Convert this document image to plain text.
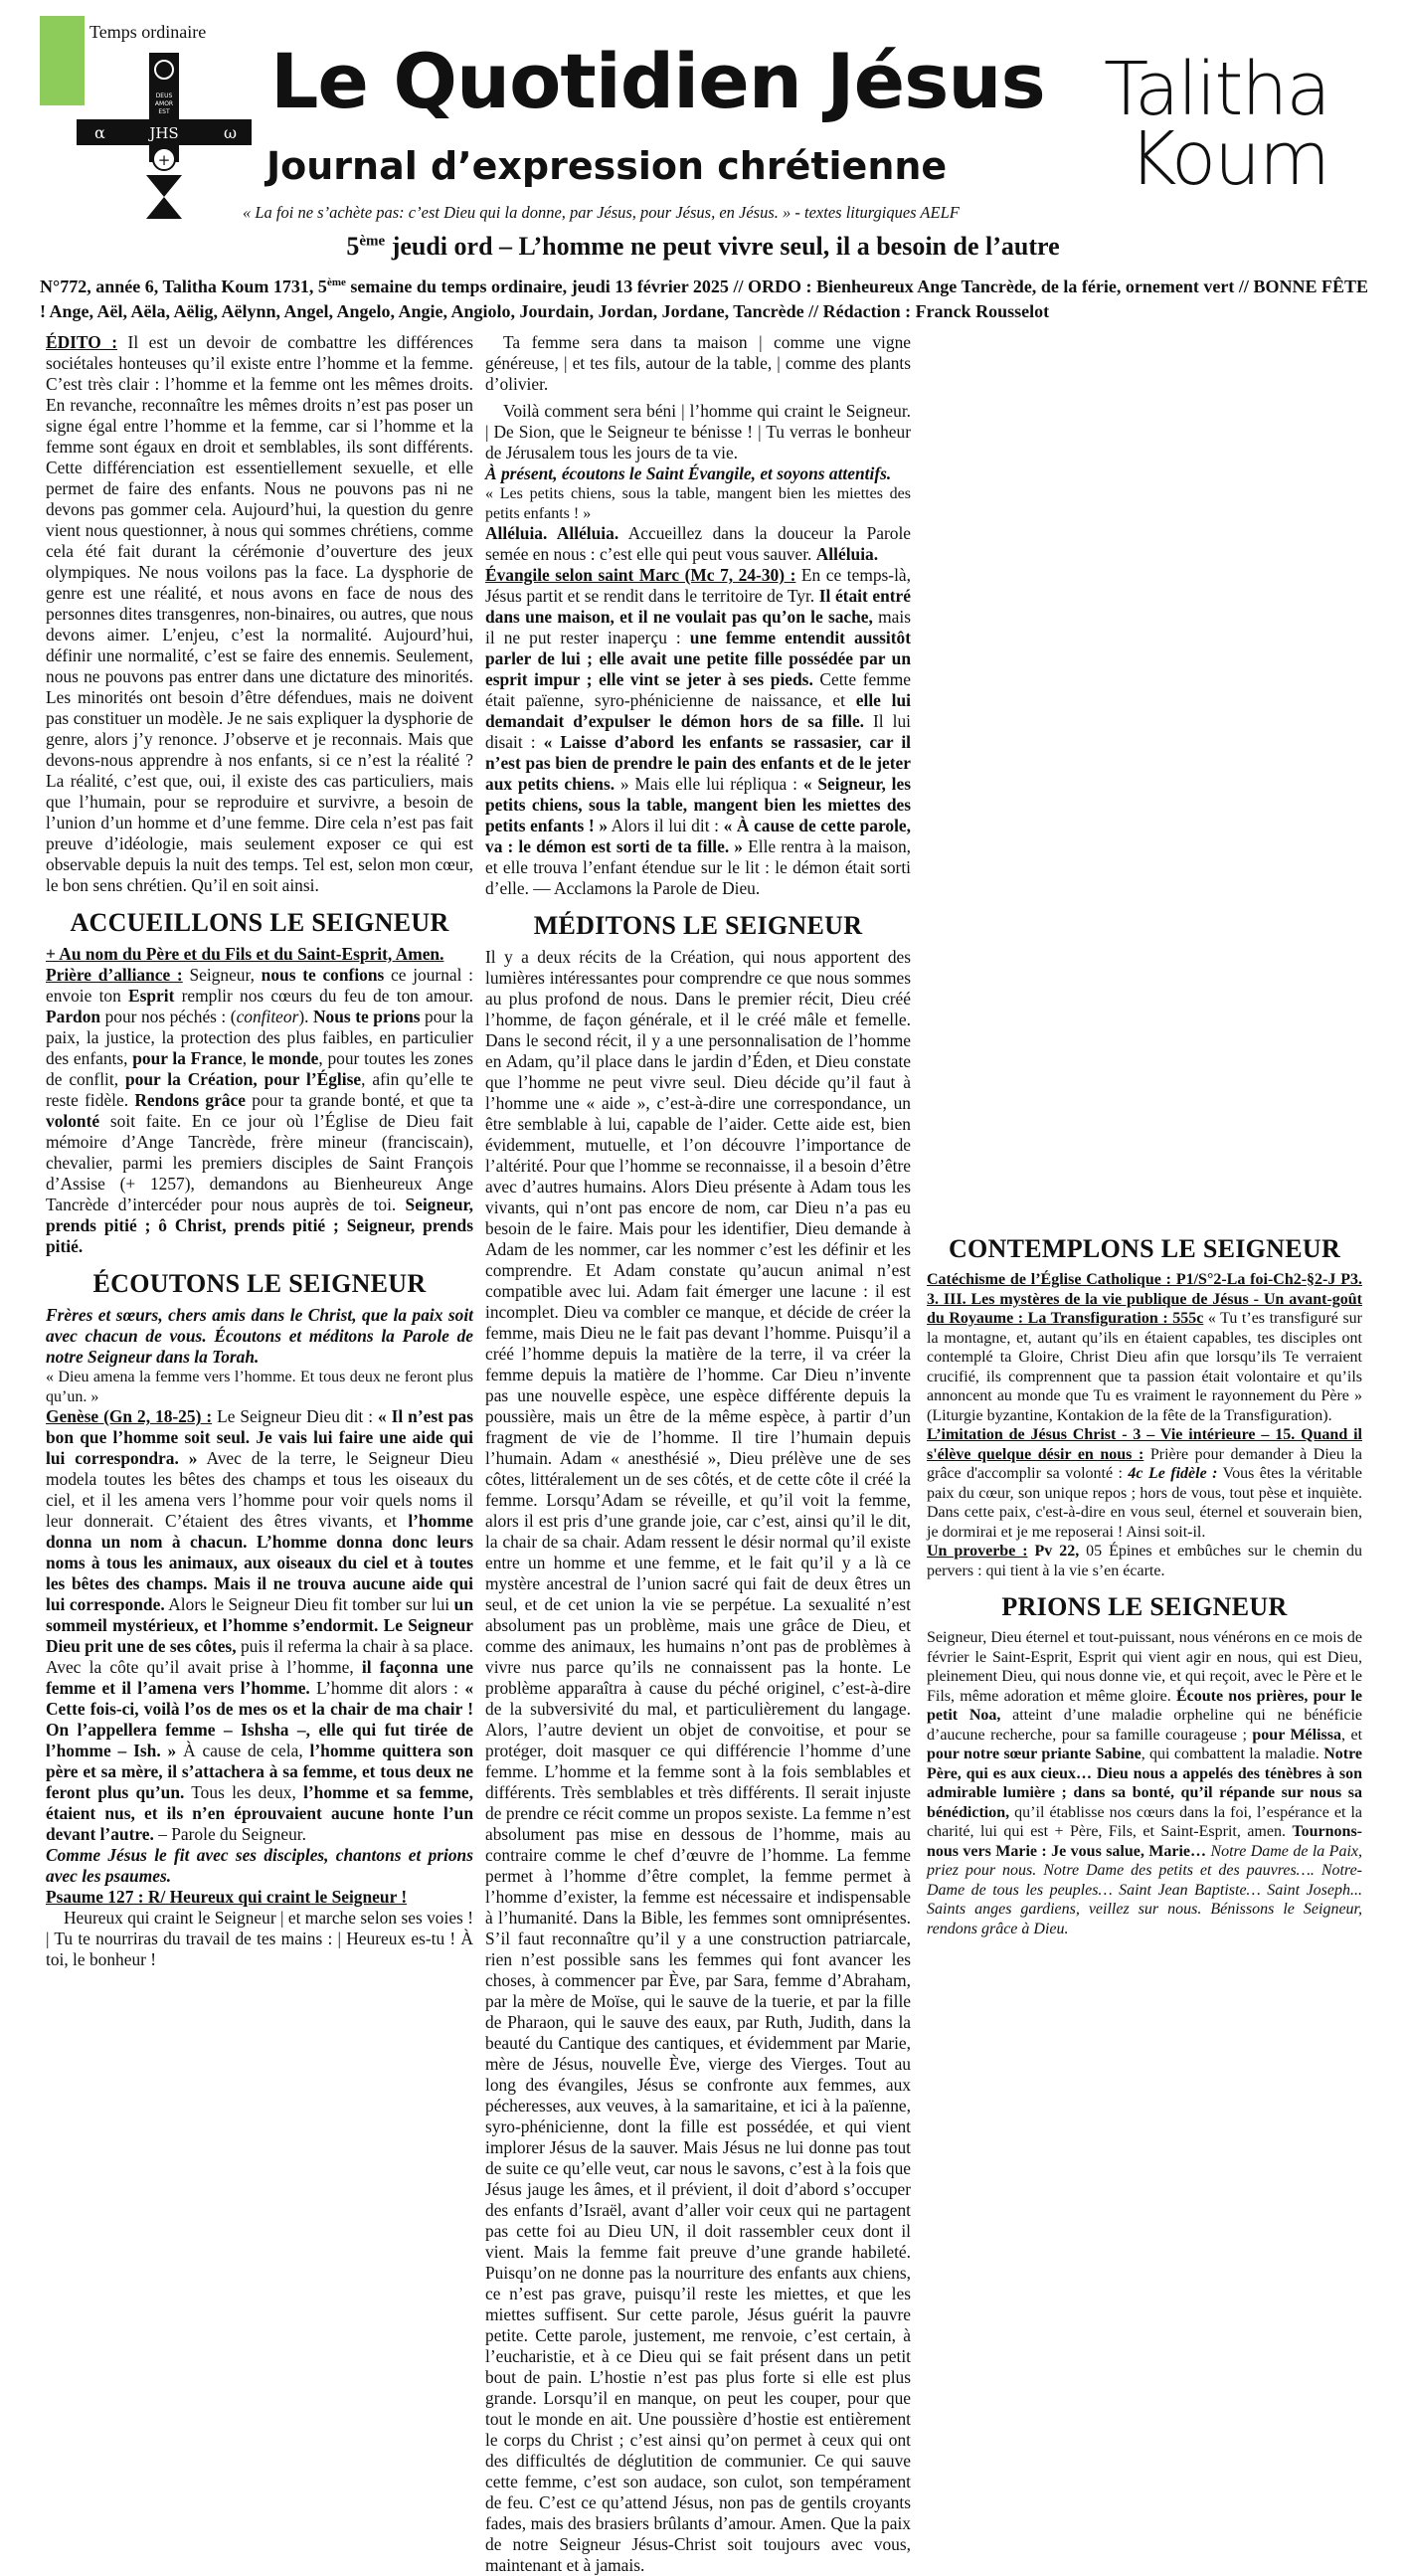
Temps ordinaire
DEUS
AMOR
EST
α	JHS	ω
+
Le Quotidien Jésus
Journal d’expression chrétienne
« La foi ne s’achète pas: c’est Dieu qui la donne, par Jésus, pour Jésus, en Jésus. » - textes liturgiques AELF
Talitha
Koum
5ème jeudi ord – L’homme ne peut vivre seul, il a besoin de l’autre
N°772, année 6, Talitha Koum 1731, 5ème semaine du temps ordinaire, jeudi 13 février 2025 // ORDO : Bienheureux Ange Tancrède, de la férie, ornement vert // BONNE FÊTE ! Ange, Aël, Aëla, Aëlig, Aëlynn, Angel, Angelo, Angie, Angiolo, Jourdain, Jordan, Jordane, Tancrède // Rédaction : Franck Rousselot

ÉDITO : Il est un devoir de combattre les différences sociétales honteuses qu’il existe entre l’homme et la femme. C’est très clair : l’homme et la femme ont les mêmes droits. En revanche, reconnaître les mêmes droits n’est pas poser un signe égal entre l’homme et la femme, car si l’homme et la femme sont égaux en droit et semblables, ils sont différents. Cette différenciation est essentiellement sexuelle, et elle permet de faire des enfants. Nous ne pouvons pas ni ne devons pas gommer cela. Aujourd’hui, la question du genre vient nous questionner, à nous qui sommes chrétiens, comme cela été fait durant la cérémonie d’ouverture des jeux olympiques. Ne nous voilons pas la face. La dysphorie de genre est une réalité, et nous avons en face de nous des personnes dites transgenres, non-binaires, ou autres, que nous devons aimer. L’enjeu, c’est la normalité. Aujourd’hui, définir une normalité, c’est se faire des ennemis. Seulement, nous ne pouvons pas entrer dans une dictature des minorités. Les minorités ont besoin d’être défendues, mais ne doivent pas constituer un modèle. Je ne sais expliquer la dysphorie de genre, alors j’y renonce. J’observe et je reconnais. Mais que devons-nous apprendre à nos enfants, si ce n’est la réalité ? La réalité, c’est que, oui, il existe des cas particuliers, mais que l’humain, pour se reproduire et survivre, a besoin de l’union d’un homme et d’une femme. Dire cela n’est pas fait preuve d’idéologie, mais seulement exposer ce qui est observable depuis la nuit des temps. Tel est, selon mon cœur, le bon sens chrétien. Qu’il en soit ainsi.

ACCUEILLONS LE SEIGNEUR

+ Au nom du Père et du Fils et du Saint-Esprit, Amen.

Prière d’alliance : Seigneur, nous te confions ce journal : envoie ton Esprit remplir nos cœurs du feu de ton amour. Pardon pour nos péchés : (confiteor). Nous te prions pour la paix, la justice, la protection des plus faibles, en particulier des enfants, pour la France, le monde, pour toutes les zones de conflit, pour la Création, pour l’Église, afin qu’elle te reste fidèle. Rendons grâce pour ta grande bonté, et que ta volonté soit faite. En ce jour où l’Église de Dieu fait mémoire d’Ange Tancrède, frère mineur (franciscain), chevalier, parmi les premiers disciples de Saint François d’Assise (+ 1257), demandons au Bienheureux Ange Tancrède d’intercéder pour nous auprès de toi. Seigneur, prends pitié ; ô Christ, prends pitié ; Seigneur, prends pitié.

ÉCOUTONS LE SEIGNEUR

Frères et sœurs, chers amis dans le Christ, que la paix soit avec chacun de vous. Écoutons et méditons la Parole de notre Seigneur dans la Torah.

« Dieu amena la femme vers l’homme. Et tous deux ne feront plus qu’un. »

Genèse (Gn 2, 18-25) : Le Seigneur Dieu dit : « Il n’est pas bon que l’homme soit seul. Je vais lui faire une aide qui lui correspondra. » Avec de la terre, le Seigneur Dieu modela toutes les bêtes des champs et tous les oiseaux du ciel, et il les amena vers l’homme pour voir quels noms il leur donnerait. C’étaient des êtres vivants, et l’homme donna un nom à chacun. L’homme donna donc leurs noms à tous les animaux, aux oiseaux du ciel et à toutes les bêtes des champs. Mais il ne trouva aucune aide qui lui corresponde. Alors le Seigneur Dieu fit tomber sur lui un sommeil mystérieux, et l’homme s’endormit. Le Seigneur Dieu prit une de ses côtes, puis il referma la chair à sa place. Avec la côte qu’il avait prise à l’homme, il façonna une femme et il l’amena vers l’homme. L’homme dit alors : « Cette fois-ci, voilà l’os de mes os et la chair de ma chair ! On l’appellera femme – Ishsha –, elle qui fut tirée de l’homme – Ish. » À cause de cela, l’homme quittera son père et sa mère, il s’attachera à sa femme, et tous deux ne feront plus qu’un. Tous les deux, l’homme et sa femme, étaient nus, et ils n’en éprouvaient aucune honte l’un devant l’autre. – Parole du Seigneur.

Comme Jésus le fit avec ses disciples, chantons et prions avec les psaumes.

Psaume 127 : R/ Heureux qui craint le Seigneur !

Heureux qui craint le Seigneur | et marche selon ses voies ! | Tu te nourriras du travail de tes mains : | Heureux es-tu ! À toi, le bonheur !

Ta femme sera dans ta maison | comme une vigne généreuse, | et tes fils, autour de la table, | comme des plants d’olivier.

Voilà comment sera béni | l’homme qui craint le Seigneur. | De Sion, que le Seigneur te bénisse ! | Tu verras le bonheur de Jérusalem tous les jours de ta vie.

À présent, écoutons le Saint Évangile, et soyons attentifs.

« Les petits chiens, sous la table, mangent bien les miettes des petits enfants ! »

Alléluia. Alléluia. Accueillez dans la douceur la Parole semée en nous : c’est elle qui peut vous sauver. Alléluia.

Évangile selon saint Marc (Mc 7, 24-30) : En ce temps-là, Jésus partit et se rendit dans le territoire de Tyr. Il était entré dans une maison, et il ne voulait pas qu’on le sache, mais il ne put rester inaperçu : une femme entendit aussitôt parler de lui ; elle avait une petite fille possédée par un esprit impur ; elle vint se jeter à ses pieds. Cette femme était païenne, syro-phénicienne de naissance, et elle lui demandait d’expulser le démon hors de sa fille. Il lui disait : « Laisse d’abord les enfants se rassasier, car il n’est pas bien de prendre le pain des enfants et de le jeter aux petits chiens. » Mais elle lui répliqua : « Seigneur, les petits chiens, sous la table, mangent bien les miettes des petits enfants ! » Alors il lui dit : « À cause de cette parole, va : le démon est sorti de ta fille. » Elle rentra à la maison, et elle trouva l’enfant étendue sur le lit : le démon était sorti d’elle. — Acclamons la Parole de Dieu.

MÉDITONS LE SEIGNEUR

Il y a deux récits de la Création, qui nous apportent des lumières intéressantes pour comprendre ce que nous sommes au plus profond de nous. Dans le premier récit, Dieu créé l’homme, de façon générale, et il le créé mâle et femelle. Dans le second récit, il y a une personnalisation de l’homme en Adam, qu’il place dans le jardin d’Éden, et Dieu constate que l’homme ne peut vivre seul. Dieu décide qu’il faut à l’homme une « aide », c’est-à-dire une correspondance, un être semblable à lui, capable de l’aider. Cette aide est, bien évidemment, mutuelle, et l’on découvre l’importance de l’altérité. Pour que l’homme se reconnaisse, il a besoin d’être avec d’autres humains. Alors Dieu présente à Adam tous les vivants, qui n’ont pas encore de nom, car Dieu n’a pas eu besoin de le faire. Mais pour les identifier, Dieu demande à Adam de les nommer, car les nommer c’est les définir et les comprendre. Et Adam constate qu’aucun animal n’est compatible avec lui. Adam fait émerger une lacune : il est incomplet. Dieu va combler ce manque, et décide de créer la femme, mais Dieu ne le fait pas devant l’homme. Puisqu’il a créé l’homme depuis la matière de la terre, il va créer la femme depuis la matière de l’homme. Car Dieu n’invente pas une nouvelle espèce, une espèce différente depuis la poussière, mais un être de la même espèce, à partir d’un fragment de vie de l’homme. Il tire l’humain depuis l’humain. Adam « anesthésié », Dieu prélève une de ses côtes, littéralement un de ses côtés, et de cette côte il créé la femme. Lorsqu’Adam se réveille, et qu’il voit la femme, alors il est pris d’une grande joie, car c’est, ainsi qu’il le dit, la chair de sa chair. Adam ressent le désir normal qu’il existe entre un homme et une femme, et le fait qu’il y a là ce mystère ancestral de l’union sacré qui fait de deux êtres un seul, et de cet union la vie se perpétue. La sexualité n’est absolument pas un problème, mais une grâce de Dieu, et comme des animaux, les humains n’ont pas de problèmes à vivre nus parce qu’ils ne connaissent pas la honte. Le problème apparaîtra à cause du péché originel, c’est-à-dire de la subversivité du mal, et particulièrement du langage. Alors, l’autre devient un objet de convoitise, et pour se protéger, doit masquer ce qui différencie l’homme d’une femme. L’homme et la femme sont à la fois semblables et différents. Très semblables et très différents. Il serait injuste de prendre ce récit comme un propos sexiste. La femme n’est absolument pas mise en dessous de l’homme, mais au contraire comme le chef d’œuvre de l’homme. La femme permet à l’homme d’être complet, la femme permet à l’homme d’exister, la femme est nécessaire et indispensable à l’humanité. Dans la Bible, les femmes sont omniprésentes. S’il faut reconnaître qu’il y a une construction patriarcale, rien n’est possible sans les femmes qui font avancer les choses, à commencer par Ève, par Sara, femme d’Abraham, par la mère de Moïse, qui le sauve de la tuerie, et par la fille de Pharaon, qui le sauve des eaux, par Ruth, Judith, dans la beauté du Cantique des cantiques, et évidemment par Marie, mère de Jésus, nouvelle Ève, vierge des Vierges. Tout au long des évangiles, Jésus se confronte aux femmes, aux pécheresses, aux veuves, à la samaritaine, et ici à la païenne, syro-phénicienne, dont la fille est possédée, et qui vient implorer Jésus de la sauver. Mais Jésus ne lui donne pas tout de suite ce qu’elle veut, car nous le savons, c’est à la fois que Jésus jauge les âmes, et il prévient, il doit d’abord s’occuper des enfants d’Israël, avant d’aller voir ceux qui ne partagent pas cette foi au Dieu UN, il doit rassembler ceux dont il vient. Mais la femme fait preuve d’une grande habileté. Puisqu’on ne donne pas la nourriture des enfants aux chiens, ce n’est pas grave, puisqu’il reste les miettes, et que les miettes suffisent. Sur cette parole, Jésus guérit la pauvre petite. Cette parole, justement, me renvoie, c’est certain, à l’eucharistie, et à ce Dieu qui se fait présent dans un petit bout de pain. L’hostie n’est pas plus forte si elle est plus grande. Lorsqu’il en manque, on peut les couper, pour que tout le monde en ait. Une poussière d’hostie est entièrement le corps du Christ ; c’est ainsi qu’on permet à ceux qui ont des difficultés de déglutition de communier. Ce qui sauve cette femme, c’est son audace, son culot, son tempérament de feu. C’est ce qu’attend Jésus, non pas de gentils croyants fades, mais des brasiers brûlants d’amour. Amen. Que la paix de notre Seigneur Jésus-Christ soit toujours avec vous, maintenant et à jamais.

CONTEMPLONS LE SEIGNEUR

Catéchisme de l’Église Catholique : P1/S°2-La foi-Ch2-§2-J P3. 3. III. Les mystères de la vie publique de Jésus - Un avant-goût du Royaume : La Transfiguration : 555c « Tu t’es transfiguré sur la montagne, et, autant qu’ils en étaient capables, tes disciples ont contemplé ta Gloire, Christ Dieu afin que lorsqu’ils Te verraient crucifié, ils comprennent que ta passion était volontaire et qu’ils annoncent au monde que Tu es vraiment le rayonnement du Père » (Liturgie byzantine, Kontakion de la fête de la Transfiguration).

L’imitation de Jésus Christ - 3 – Vie intérieure – 15. Quand il s'élève quelque désir en nous : Prière pour demander à Dieu la grâce d'accomplir sa volonté : 4c Le fidèle : Vous êtes la véritable paix du cœur, son unique repos ; hors de vous, tout pèse et inquiète. Dans cette paix, c'est-à-dire en vous seul, éternel et souverain bien, je dormirai et je me reposerai ! Ainsi soit-il.

Un proverbe : Pv 22, 05 Épines et embûches sur le chemin du pervers : qui tient à la vie s’en écarte.

PRIONS LE SEIGNEUR

Seigneur, Dieu éternel et tout-puissant, nous vénérons en ce mois de février le Saint-Esprit, Esprit qui vient agir en nous, qui est Dieu, pleinement Dieu, qui nous donne vie, et qui reçoit, avec le Père et le Fils, même adoration et même gloire. Écoute nos prières, pour le petit Noa, atteint d’une maladie orpheline qui ne bénéficie d’aucune recherche, pour sa famille courageuse ; pour Mélissa, et pour notre sœur priante Sabine, qui combattent la maladie. Notre Père, qui es aux cieux… Dieu nous a appelés des ténèbres à son admirable lumière ; dans sa bonté, qu’il répande sur nous sa bénédiction, qu’il établisse nos cœurs dans la foi, l’espérance et la charité, lui qui est + Père, Fils, et Saint-Esprit, amen. Tournons-nous vers Marie : Je vous salue, Marie… Notre Dame de la Paix, priez pour nous. Notre Dame des petits et des pauvres…. Notre-Dame de tous les peuples… Saint Jean Baptiste… Saint Joseph... Saints anges gardiens, veillez sur nous. Bénissons le Seigneur, rendons grâce à Dieu.
